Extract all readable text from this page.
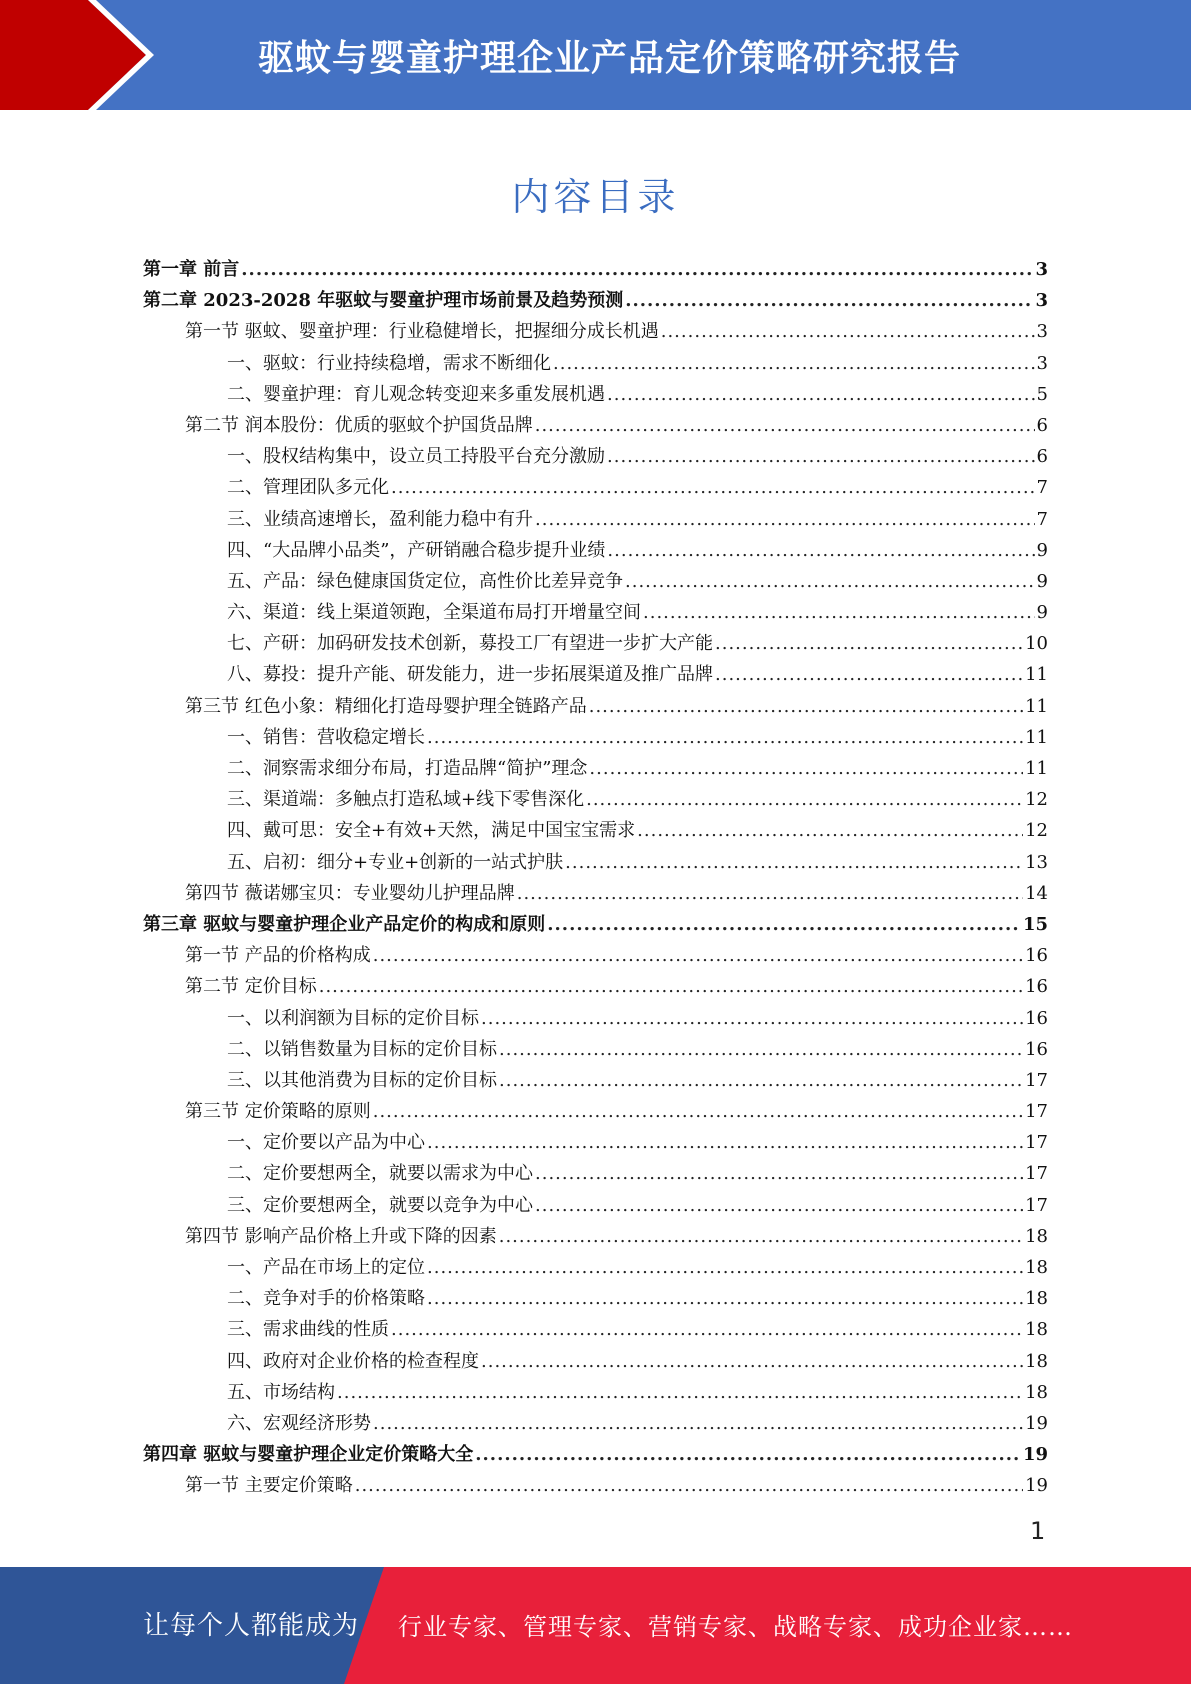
驱蚊与婴童护理企业产品定价策略研究报告
内容目录
第一章 前言 .....	3
第二章 2023-2028 年驱蚊与婴童护理市场前景及趋势预测 .....	3
第一节 驱蚊、婴童护理：行业稳健增长，把握细分成长机遇 .....	3
一、驱蚊：行业持续稳增，需求不断细化 .....	3
二、婴童护理：育儿观念转变迎来多重发展机遇 .....	5
第二节 润本股份：优质的驱蚊个护国货品牌 .....	6
一、股权结构集中，设立员工持股平台充分激励 .....	6
二、管理团队多元化 .....	7
三、业绩高速增长，盈利能力稳中有升 .....	7
四、“大品牌小品类”，产研销融合稳步提升业绩 .....	9
五、产品：绿色健康国货定位，高性价比差异竞争 .....	9
六、渠道：线上渠道领跑，全渠道布局打开增量空间 .....	9
七、产研：加码研发技术创新，募投工厂有望进一步扩大产能 .....	10
八、募投：提升产能、研发能力，进一步拓展渠道及推广品牌 .....	11
第三节 红色小象：精细化打造母婴护理全链路产品 .....	11
一、销售：营收稳定增长 .....	11
二、洞察需求细分布局，打造品牌“简护”理念 .....	11
三、渠道端：多触点打造私域+线下零售深化 .....	12
四、戴可思：安全+有效+天然，满足中国宝宝需求 .....	12
五、启初：细分+专业+创新的一站式护肤 .....	13
第四节 薇诺娜宝贝：专业婴幼儿护理品牌 .....	14
第三章 驱蚊与婴童护理企业产品定价的构成和原则 .....	15
第一节 产品的价格构成 .....	16
第二节 定价目标 .....	16
一、以利润额为目标的定价目标 .....	16
二、以销售数量为目标的定价目标 .....	16
三、以其他消费为目标的定价目标 .....	17
第三节 定价策略的原则 .....	17
一、定价要以产品为中心 .....	17
二、定价要想两全，就要以需求为中心 .....	17
三、定价要想两全，就要以竞争为中心 .....	17
第四节 影响产品价格上升或下降的因素 .....	18
一、产品在市场上的定位 .....	18
二、竞争对手的价格策略 .....	18
三、需求曲线的性质 .....	18
四、政府对企业价格的检查程度 .....	18
五、市场结构 .....	18
六、宏观经济形势 .....	19
第四章 驱蚊与婴童护理企业定价策略大全 .....	19
第一节 主要定价策略 .....	19
1
让每个人都能成为 行业专家、管理专家、营销专家、战略专家、成功企业家……
